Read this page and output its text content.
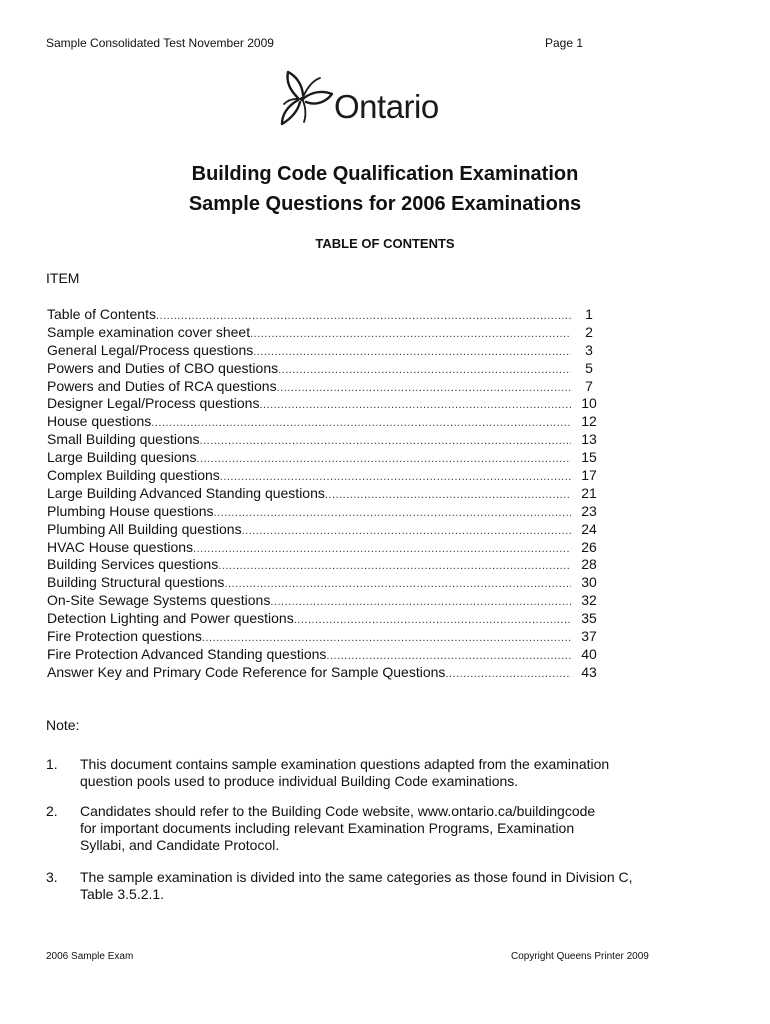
Sample Consolidated Test November 2009	Page 1
Ontario
Building Code Qualification Examination
Sample Questions for 2006 Examinations
TABLE OF CONTENTS
ITEM
Table of Contents .....	1
Sample examination cover sheet .....	2
General Legal/Process questions .....	3
Powers and Duties of CBO questions .....	5
Powers and Duties of RCA questions .....	7
Designer Legal/Process questions .....	10
House questions .....	12
Small Building questions .....	13
Large Building quesions .....	15
Complex Building questions .....	17
Large Building Advanced Standing questions .....	21
Plumbing House questions .....	23
Plumbing All Building questions .....	24
HVAC House questions .....	26
Building Services questions .....	28
Building Structural questions .....	30
On-Site Sewage Systems questions .....	32
Detection Lighting and Power questions .....	35
Fire Protection questions .....	37
Fire Protection Advanced Standing questions .....	40
Answer Key and Primary Code Reference for Sample Questions .....	43
Note:
1. This document contains sample examination questions adapted from the examination
question pools used to produce individual Building Code examinations.
2. Candidates should refer to the Building Code website, www.ontario.ca/buildingcode
for important documents including relevant Examination Programs, Examination
Syllabi, and Candidate Protocol.
3. The sample examination is divided into the same categories as those found in Division C,
Table 3.5.2.1.
2006 Sample Exam	Copyright Queens Printer 2009
